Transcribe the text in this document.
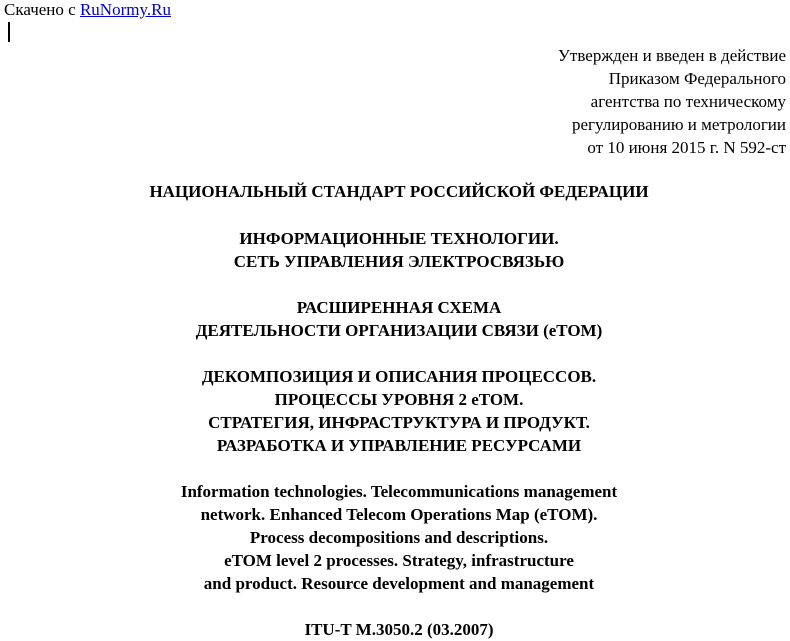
Скачено с RuNormy.Ru
Утвержден и введен в действие
Приказом Федерального
агентства по техническому
регулированию и метрологии
от 10 июня 2015 г. N 592-ст
НАЦИОНАЛЬНЫЙ СТАНДАРТ РОССИЙСКОЙ ФЕДЕРАЦИИ
ИНФОРМАЦИОННЫЕ ТЕХНОЛОГИИ.
СЕТЬ УПРАВЛЕНИЯ ЭЛЕКТРОСВЯЗЬЮ
РАСШИРЕННАЯ СХЕМА
ДЕЯТЕЛЬНОСТИ ОРГАНИЗАЦИИ СВЯЗИ (eTOM)
ДЕКОМПОЗИЦИЯ И ОПИСАНИЯ ПРОЦЕССОВ.
ПРОЦЕССЫ УРОВНЯ 2 eTOM.
СТРАТЕГИЯ, ИНФРАСТРУКТУРА И ПРОДУКТ.
РАЗРАБОТКА И УПРАВЛЕНИЕ РЕСУРСАМИ
Information technologies. Telecommunications management
network. Enhanced Telecom Operations Map (eTOM).
Process decompositions and descriptions.
eTOM level 2 processes. Strategy, infrastructure
and product. Resource development and management
ITU-T M.3050.2 (03.2007)
